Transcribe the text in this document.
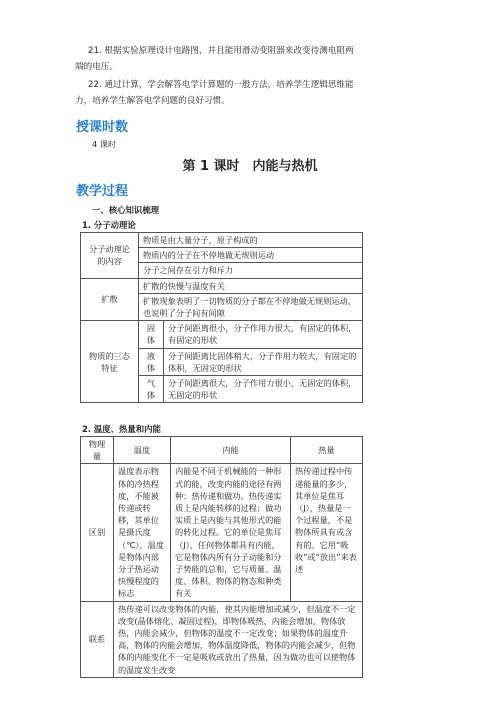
21. 根据实验原理设计电路图，并且能用滑动变阻器来改变待测电阻两
端的电压。
22. 通过计算，学会解答电学计算题的一般方法，培养学生逻辑思维能
力，培养学生解答电学问题的良好习惯。
授课时数
4 课时
第 1 课时　内能与热机
教学过程
一、核心知识梳理
1. 分子动理论
分子动理论的内容	物质是由大量分子、原子构成的	
	物质内的分子在不停地做无规则运动	
	分子之间存在引力和斥力	
扩散	扩散的快慢与温度有关	
	扩散现象表明了一切物质的分子都在不停地做无规则运动，也说明了分子间有间隙	
物质的三态特征	固体	分子间距离很小，分子作用力很大，有固定的体积，有固定的形状
	液体	分子间距离比固体稍大，分子作用力较大，有固定的体积，无固定的形状
	气体	分子间距离很大，分子作用力很小，无固定的体积，无固定的形状
2. 温度、热量和内能
物理量	温度	内能	热量
区别	温度表示物体的冷热程度，不能被传递或转移，其单位是摄氏度（℃），温度是物体内部分子热运动快慢程度的标志	内能是不同于机械能的一种形式的能，改变内能的途径有两种：热传递和做功。热传递实质上是内能转移的过程；做功实质上是内能与其他形式的能的转化过程。它的单位是焦耳（J），任何物体都具有内能，它是物体内所有分子动能和分子势能的总和，它与质量、温度、体积、物体的物态和种类有关	热传递过程中传递能量的多少，其单位是焦耳（J），热量是一个过程量，不是物体所具有或含有的。它用“吸收”或“放出”来表述
联系	热传递可以改变物体的内能，使其内能增加或减少，但温度不一定改变(晶体熔化、凝固过程)，即物体吸热，内能会增加，物体放热，内能会减少，但物体的温度不一定改变；如果物体的温度升高，物体的内能会增加，物体温度降低，物体的内能会减少，但物体的内能变化不一定是吸收或放出了热量，因为做功也可以使物体的温度发生改变		
